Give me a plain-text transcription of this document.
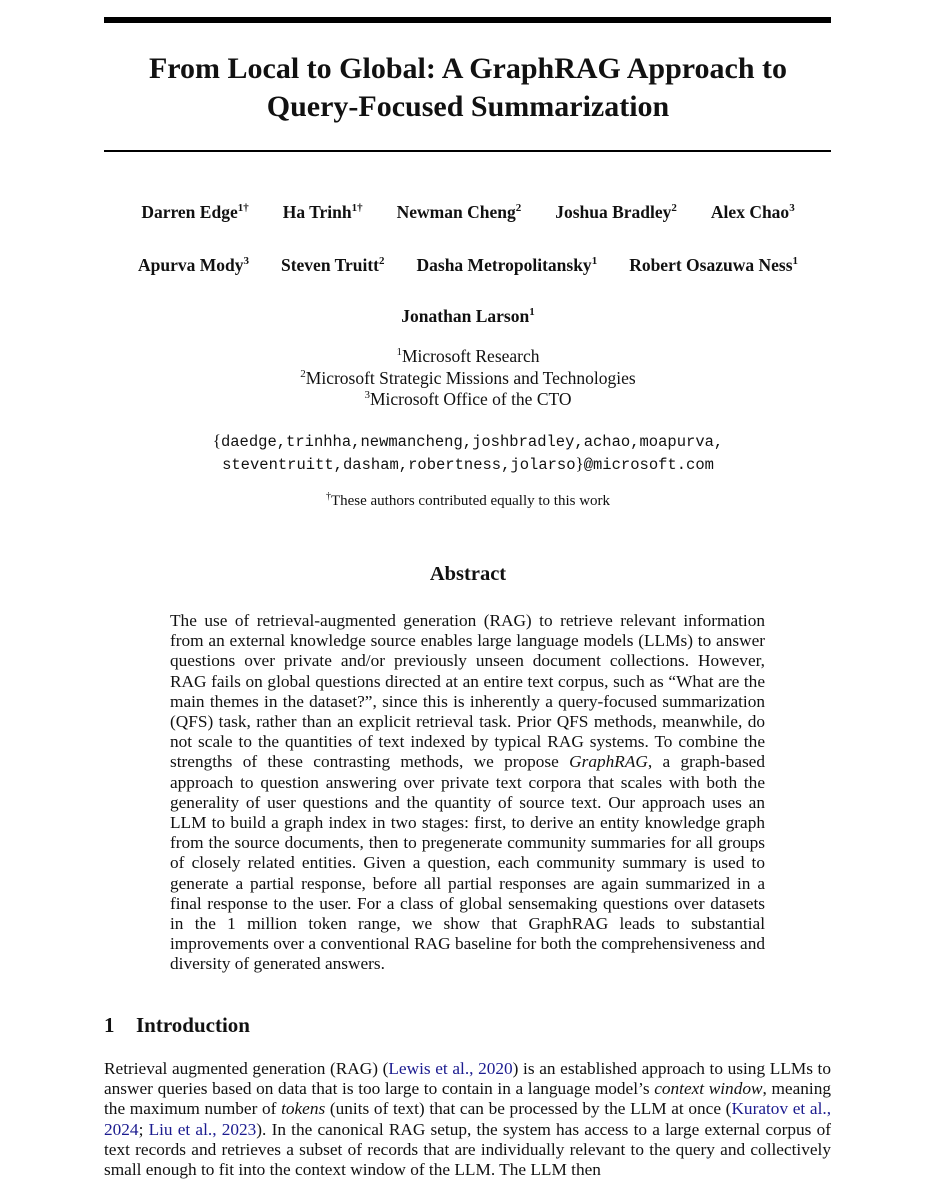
From Local to Global: A GraphRAG Approach to
Query-Focused Summarization
Darren Edge$^{1\dagger}$ Ha Trinh$^{1\dagger}$ Newman Cheng$^2$ Joshua Bradley$^2$ Alex Chao$^3$
Apurva Mody$^3$ Steven Truitt$^2$ Dasha Metropolitansky$^1$ Robert Osazuwa Ness$^1$
Jonathan Larson$^1$
$^1$Microsoft Research
$^2$Microsoft Strategic Missions and Technologies
$^3$Microsoft Office of the CTO
{daedge,trinhha,newmancheng,joshbradley,achao,moapurva,
steventruitt,dasham,robertness,jolarso}@microsoft.com
†These authors contributed equally to this work
Abstract

The use of retrieval-augmented generation (RAG) to retrieve relevant information from an external knowledge source enables large language models (LLMs) to answer questions over private and/or previously unseen document collections. However, RAG fails on global questions directed at an entire text corpus, such as “What are the main themes in the dataset?”, since this is inherently a query-focused summarization (QFS) task, rather than an explicit retrieval task. Prior QFS methods, meanwhile, do not scale to the quantities of text indexed by typical RAG systems. To combine the strengths of these contrasting methods, we propose GraphRAG, a graph-based approach to question answering over private text corpora that scales with both the generality of user questions and the quantity of source text. Our approach uses an LLM to build a graph index in two stages: first, to derive an entity knowledge graph from the source documents, then to pregenerate community summaries for all groups of closely related entities. Given a question, each community summary is used to generate a partial response, before all partial responses are again summarized in a final response to the user. For a class of global sensemaking questions over datasets in the 1 million token range, we show that GraphRAG leads to substantial improvements over a conventional RAG baseline for both the comprehensiveness and diversity of generated answers.

1 Introduction

Retrieval augmented generation (RAG) (Lewis et al., 2020) is an established approach to using LLMs to answer queries based on data that is too large to contain in a language model’s context window, meaning the maximum number of tokens (units of text) that can be processed by the LLM at once (Kuratov et al., 2024; Liu et al., 2023). In the canonical RAG setup, the system has access to a large external corpus of text records and retrieves a subset of records that are individually relevant to the query and collectively small enough to fit into the context window of the LLM. The LLM then
